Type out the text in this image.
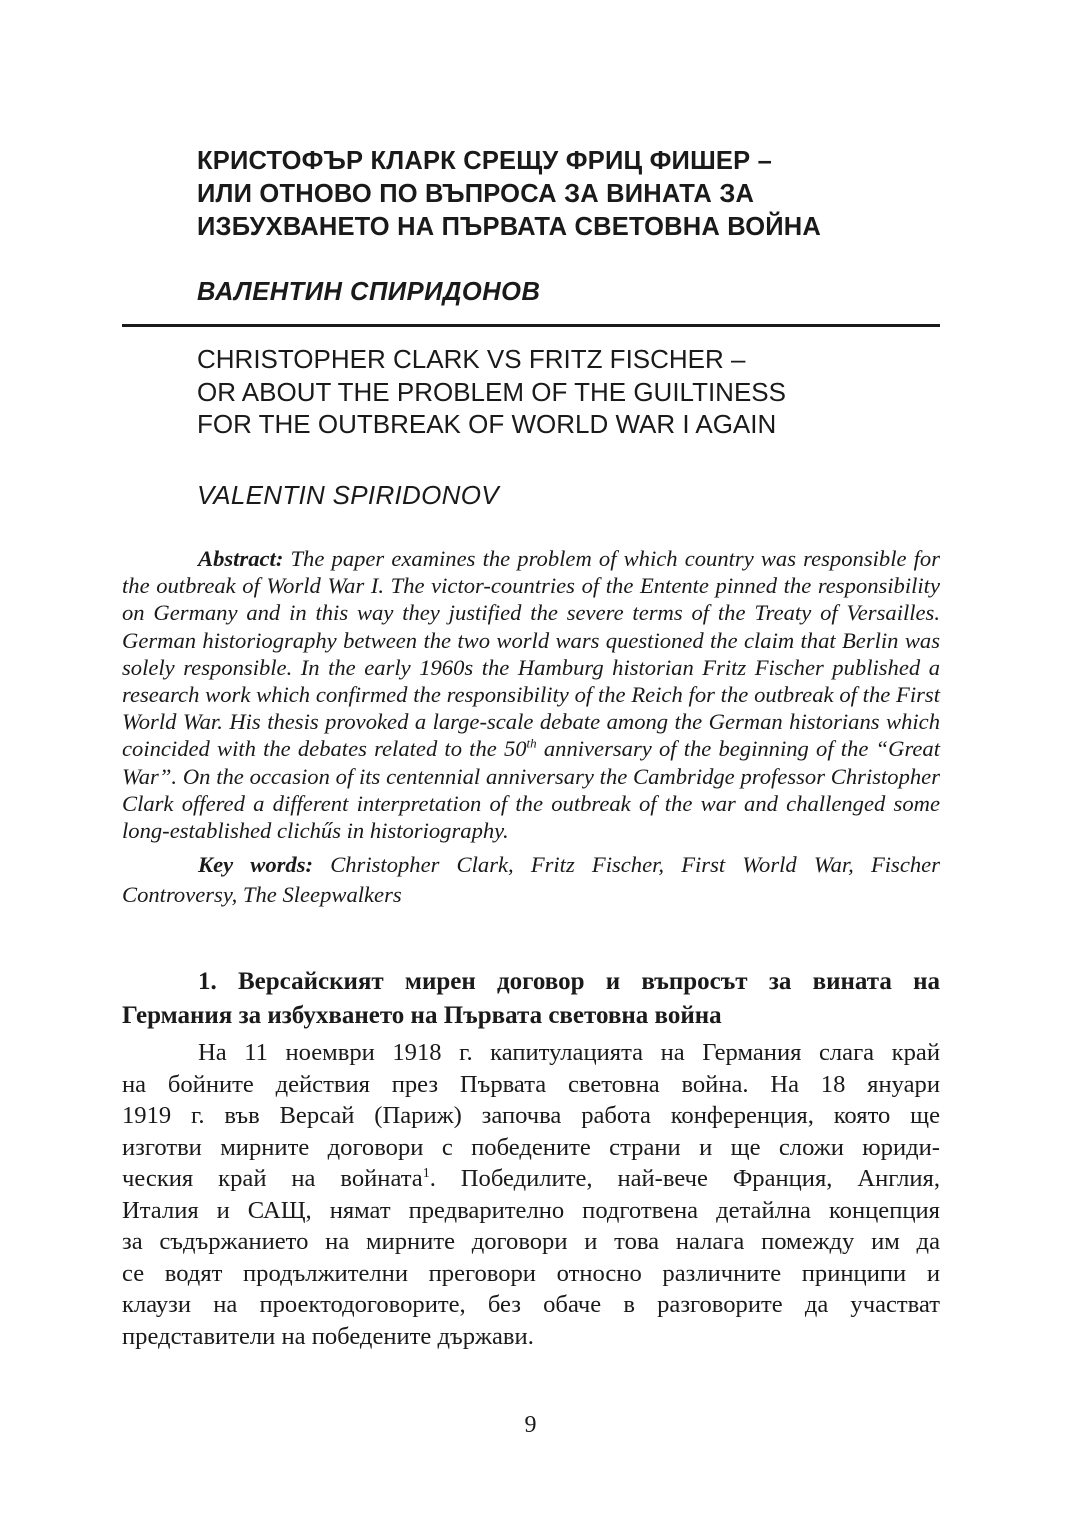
КРИСТОФЪР КЛАРК СРЕЩУ ФРИЦ ФИШЕР –
ИЛИ ОТНОВО ПО ВЪПРОСА ЗА ВИНАТА ЗА
ИЗБУХВАНЕТО НА ПЪРВАТА СВЕТОВНА ВОЙНА
ВАЛЕНТИН СПИРИДОНОВ
CHRISTOPHER CLARK VS FRITZ FISCHER –
OR ABOUT THE PROBLEM OF THE GUILTINESS
FOR THE OUTBREAK OF WORLD WAR I AGAIN
VALENTIN SPIRIDONOV

Abstract: The paper examines the problem of which country was responsible for the outbreak of World War I. The victor-countries of the Entente pinned the responsibility on Germany and in this way they justified the severe terms of the Treaty of Versailles. German historiography between the two world wars questioned the claim that Berlin was solely responsible. In the early 1960s the Hamburg historian Fritz Fischer published a research work which confirmed the responsibility of the Reich for the outbreak of the First World War. His thesis provoked a large-scale debate among the German historians which coincided with the debates related to the 50th anniversary of the beginning of the “Great War”. On the occasion of its centennial anniversary the Cambridge professor Christopher Clark offered a different interpretation of the outbreak of the war and challenged some long-established clichűs in historiography.

Key words: Christopher Clark, Fritz Fischer, First World War, Fischer Controversy, The Sleepwalkers

1. Версайският мирен договор и въпросът за вината на
Германия за избухването на Първата световна война
На 11 ноември 1918 г. капитулацията на Германия слага край
на бойните действия през Първата световна война. На 18 януари
1919 г. във Версай (Париж) започва работа конференция, която ще
изготви мирните договори с победените страни и ще сложи юриди-
ческия край на войната$^1$. Победилите, най-вече Франция, Англия,
Италия и САЩ, нямат предварително подготвена детайлна концепция
за съдържанието на мирните договори и това налага помежду им да
се водят продължителни преговори относно различните принципи и
клаузи на проектодоговорите, без обаче в разговорите да участват
представители на победените държави.
9
